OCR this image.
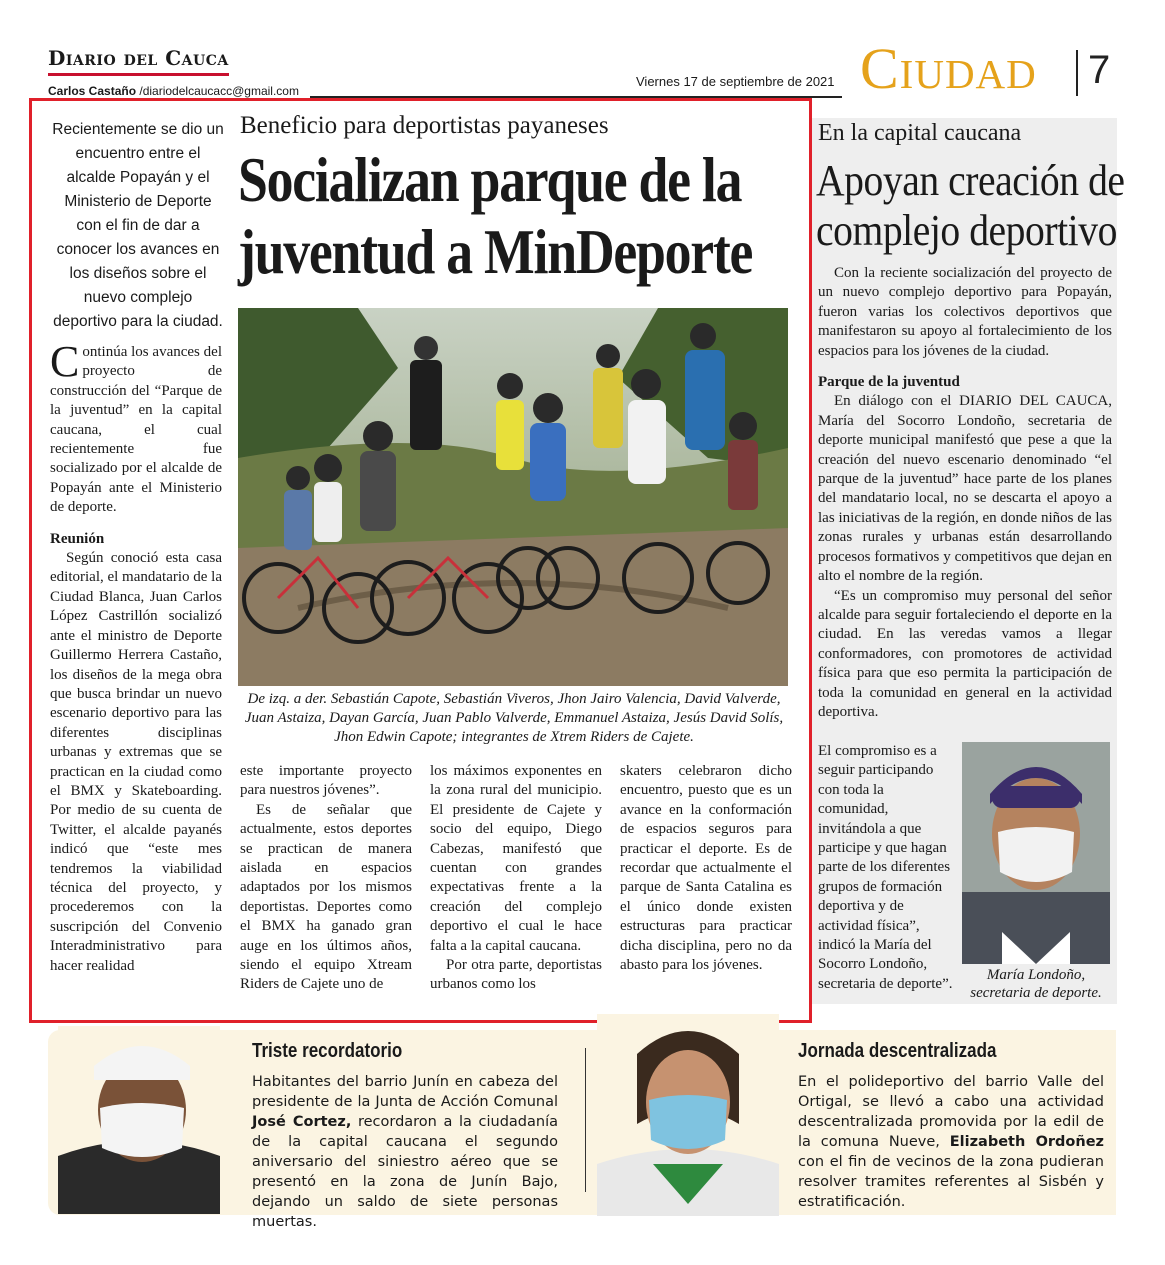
Diario del Cauca
Carlos Castaño /diariodelcaucacc@gmail.com
Viernes 17 de septiembre de 2021 Ciudad 7
Recientemente se dio un encuentro entre el alcalde Popayán y el Ministerio de Deporte con el fin de dar a conocer los avances en los diseños sobre el nuevo complejo deportivo para la ciudad.
Beneficio para deportistas payaneses
Socializan parque de la
juventud a MinDeporte
De izq. a der. Sebastián Capote, Sebastián Viveros, Jhon Jairo Valencia, David Valverde, Juan Astaiza, Dayan García, Juan Pablo Valverde, Emmanuel Astaiza, Jesús David Solís, Jhon Edwin Capote; integrantes de Xtrem Riders de Cajete.

Continúa los avances del proyecto de construcción del “Parque de la juventud” en la capital caucana, el cual recientemente fue socializado por el alcalde de Popayán ante el Ministerio de deporte.

Reunión

Según conoció esta casa editorial, el mandatario de la Ciudad Blanca, Juan Carlos López Castrillón socializó ante el ministro de Deporte Guillermo Herrera Castaño, los diseños de la mega obra que busca brindar un nuevo escenario deportivo para las diferentes disciplinas urbanas y extremas que se practican en la ciudad como el BMX y Skateboarding. Por medio de su cuenta de Twitter, el alcalde payanés indicó que “este mes tendremos la viabilidad técnica del proyecto, y procederemos con la suscripción del Convenio Interadministrativo para hacer realidad

este importante proyecto para nuestros jóvenes”.

Es de señalar que actualmente, estos deportes se practican de manera aislada en espacios adaptados por los mismos deportistas. Deportes como el BMX ha ganado gran auge en los últimos años, siendo el equipo Xtream Riders de Cajete uno de

los máximos exponentes en la zona rural del municipio. El presidente de Cajete y socio del equipo, Diego Cabezas, manifestó que cuentan con grandes expectativas frente a la creación del complejo deportivo el cual le hace falta a la capital caucana.

Por otra parte, deportistas urbanos como los

skaters celebraron dicho encuentro, puesto que es un avance en la conformación de espacios seguros para practicar el deporte. Es de recordar que actualmente el parque de Santa Catalina es el único donde existen estructuras para practicar dicha disciplina, pero no da abasto para los jóvenes.

En la capital caucana
Apoyan creación de
complejo deportivo

Con la reciente socialización del proyecto de un nuevo complejo deportivo para Popayán, fueron varias los colectivos deportivos que manifestaron su apoyo al fortalecimiento de los espacios para los jóvenes de la ciudad.

Parque de la juventud

En diálogo con el DIARIO DEL CAUCA, María del Socorro Londoño, secretaria de deporte municipal manifestó que pese a que la creación del nuevo escenario denominado “el parque de la juventud” hace parte de los planes del mandatario local, no se descarta el apoyo a las iniciativas de la región, en donde niños de las zonas rurales y urbanas están desarrollando procesos formativos y competitivos que dejan en alto el nombre de la región.

“Es un compromiso muy personal del señor alcalde para seguir fortaleciendo el deporte en la ciudad. En las veredas vamos a llegar conformadores, con promotores de actividad física para que eso permita la participación de toda la comunidad en general en la actividad deportiva.

El compromiso es a seguir participando con toda la comunidad, invitándola a que participe y que hagan parte de los diferentes grupos de formación deportiva y de actividad física”, indicó la María del Socorro Londoño, secretaria de deporte”.

María Londoño,
secretaria de deporte.
Triste recordatorio
Habitantes del barrio Junín en cabeza del presidente de la Junta de Acción Comunal José Cortez, recordaron a la ciudadanía de la capital caucana el segundo aniversario del siniestro aéreo que se presentó en la zona de Junín Bajo, dejando un saldo de siete personas muertas.
Jornada descentralizada
En el polideportivo del barrio Valle del Ortigal, se llevó a cabo una actividad descentralizada promovida por la edil de la comuna Nueve, Elizabeth Ordoñez con el fin de vecinos de la zona pudieran resolver tramites referentes al Sisbén y estratificación.
